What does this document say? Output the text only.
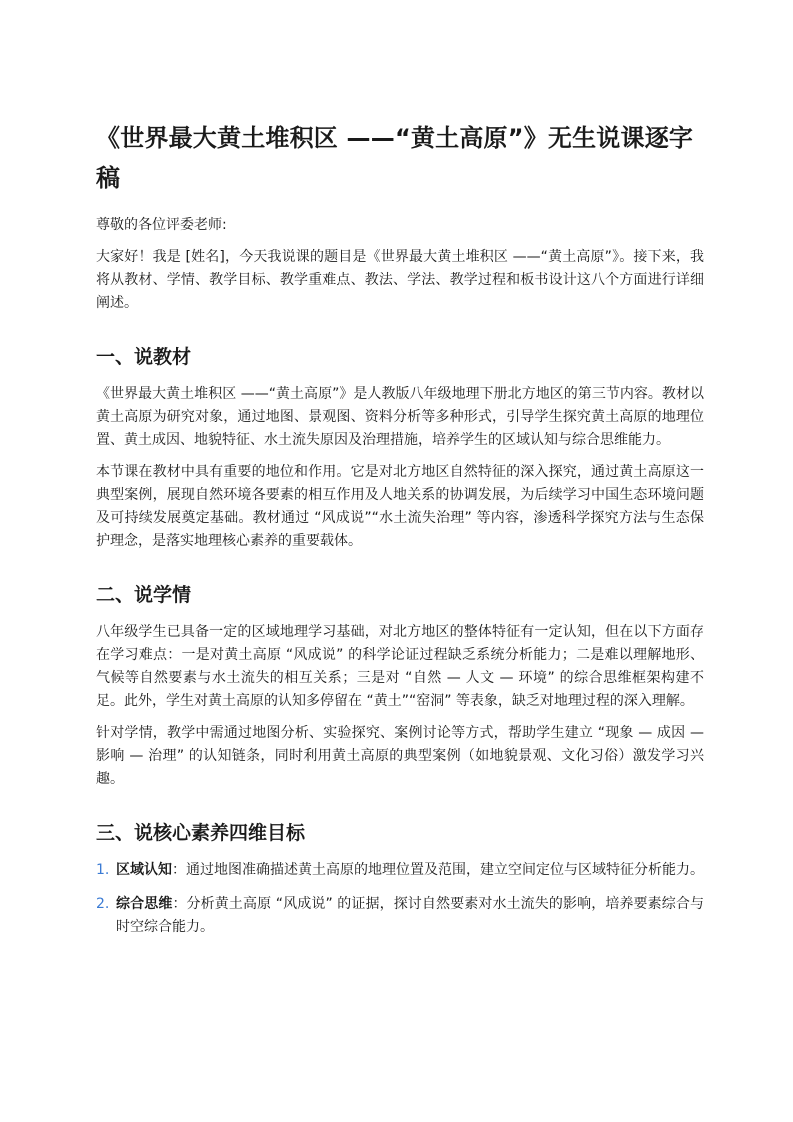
《世界最大黄土堆积区 ——“黄土高原”》无生说课逐字稿

尊敬的各位评委老师:

大家好！我是 [姓名]，今天我说课的题目是《世界最大黄土堆积区 ——“黄土高原”》。接下来，我将从教材、学情、教学目标、教学重难点、教法、学法、教学过程和板书设计这八个方面进行详细阐述。

一、说教材

《世界最大黄土堆积区 ——“黄土高原”》是人教版八年级地理下册北方地区的第三节内容。教材以黄土高原为研究对象，通过地图、景观图、资料分析等多种形式，引导学生探究黄土高原的地理位置、黄土成因、地貌特征、水土流失原因及治理措施，培养学生的区域认知与综合思维能力。

本节课在教材中具有重要的地位和作用。它是对北方地区自然特征的深入探究，通过黄土高原这一典型案例，展现自然环境各要素的相互作用及人地关系的协调发展，为后续学习中国生态环境问题及可持续发展奠定基础。教材通过 “风成说”“水土流失治理” 等内容，渗透科学探究方法与生态保护理念，是落实地理核心素养的重要载体。

二、说学情

八年级学生已具备一定的区域地理学习基础，对北方地区的整体特征有一定认知，但在以下方面存在学习难点：一是对黄土高原 “风成说” 的科学论证过程缺乏系统分析能力；二是难以理解地形、气候等自然要素与水土流失的相互关系；三是对 “自然 — 人文 — 环境” 的综合思维框架构建不足。此外，学生对黄土高原的认知多停留在 “黄土”“窑洞” 等表象，缺乏对地理过程的深入理解。

针对学情，教学中需通过地图分析、实验探究、案例讨论等方式，帮助学生建立 “现象 — 成因 — 影响 — 治理” 的认知链条，同时利用黄土高原的典型案例（如地貌景观、文化习俗）激发学习兴趣。

三、说核心素养四维目标
1. 区域认知：通过地图准确描述黄土高原的地理位置及范围，建立空间定位与区域特征分析能力。
2. 综合思维：分析黄土高原 “风成说” 的证据，探讨自然要素对水土流失的影响，培养要素综合与时空综合能力。
